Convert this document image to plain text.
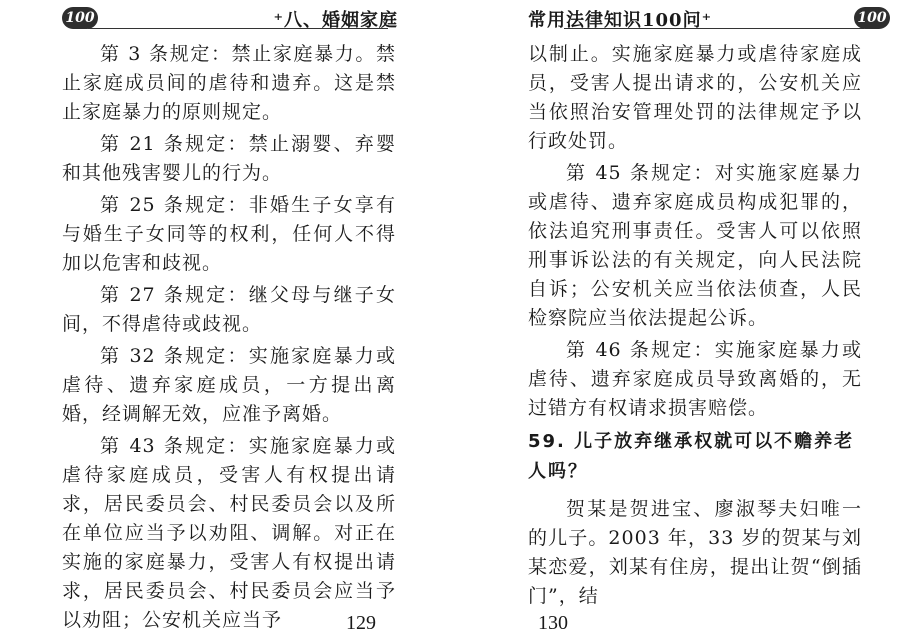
100	⁺八、婚姻家庭

第 3 条规定：禁止家庭暴力。禁止家庭成员间的虐待和遗弃。这是禁止家庭暴力的原则规定。

第 21 条规定：禁止溺婴、弃婴和其他残害婴儿的行为。

第 25 条规定：非婚生子女享有与婚生子女同等的权利，任何人不得加以危害和歧视。

第 27 条规定：继父母与继子女间，不得虐待或歧视。

第 32 条规定：实施家庭暴力或虐待、遗弃家庭成员，一方提出离婚，经调解无效，应准予离婚。

第 43 条规定：实施家庭暴力或虐待家庭成员，受害人有权提出请求，居民委员会、村民委员会以及所在单位应当予以劝阻、调解。对正在实施的家庭暴力，受害人有权提出请求，居民委员会、村民委员会应当予以劝阻；公安机关应当予	129
常用法律知识100问⁺	100

以制止。实施家庭暴力或虐待家庭成员，受害人提出请求的，公安机关应当依照治安管理处罚的法律规定予以行政处罚。

第 45 条规定：对实施家庭暴力或虐待、遗弃家庭成员构成犯罪的，依法追究刑事责任。受害人可以依照刑事诉讼法的有关规定，向人民法院自诉；公安机关应当依法侦查，人民检察院应当依法提起公诉。

第 46 条规定：实施家庭暴力或虐待、遗弃家庭成员导致离婚的，无过错方有权请求损害赔偿。

59. 儿子放弃继承权就可以不赡养老人吗？

贺某是贺进宝、廖淑琴夫妇唯一的儿子。2003 年，33 岁的贺某与刘某恋爱，刘某有住房，提出让贺“倒插门”，结

130
